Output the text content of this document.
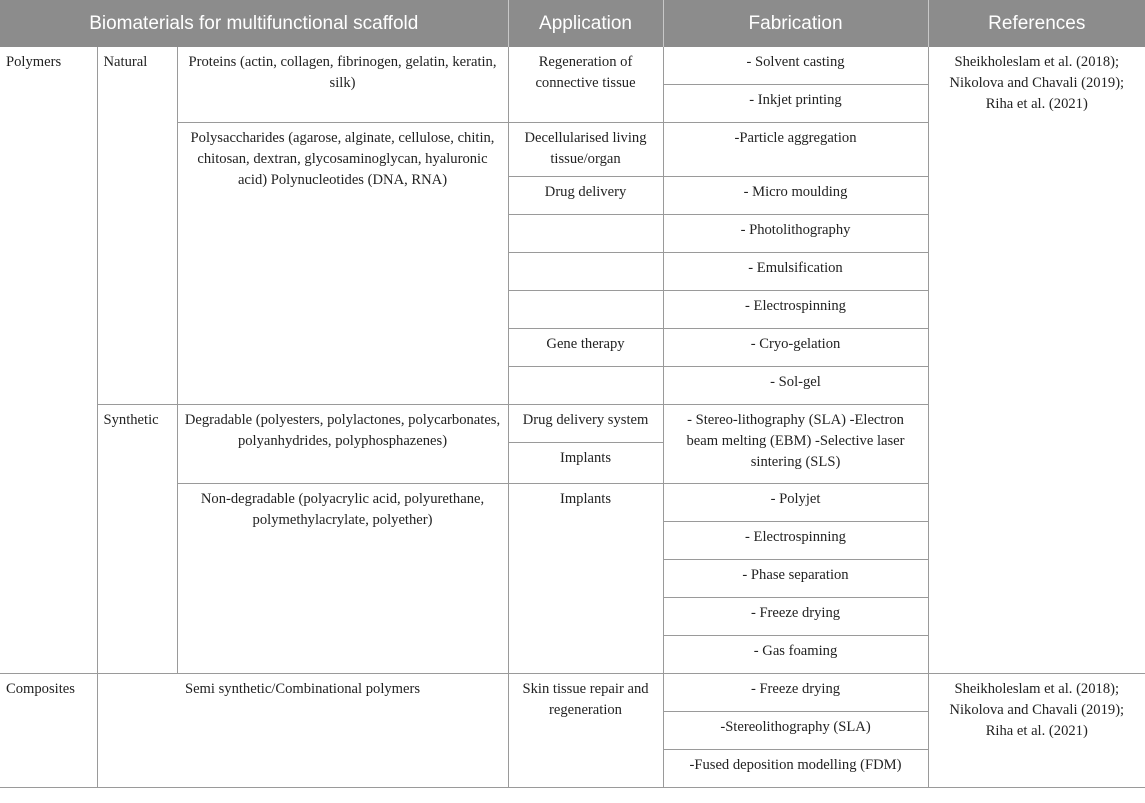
Biomaterials for multifunctional scaffold			Application	Fabrication	References
Polymers	Natural	Proteins (actin, collagen, fibrinogen, gelatin, keratin, silk)	Regeneration of connective tissue	- Solvent casting	Sheikholeslam et al. (2018); Nikolova and Chavali (2019); Riha et al. (2021)
				- Inkjet printing	
		Polysaccharides (agarose, alginate, cellulose, chitin, chitosan, dextran, glycosaminoglycan, hyaluronic acid) Polynucleotides (DNA, RNA)	Decellularised living tissue/organ	-Particle aggregation	
			Drug delivery	- Micro moulding	
				- Photolithography	
				- Emulsification	
				- Electrospinning	
			Gene therapy	- Cryo-gelation	
				- Sol-gel	
	Synthetic	Degradable (polyesters, polylactones, polycarbonates, polyanhydrides, polyphosphazenes)	Drug delivery system	- Stereo-lithography (SLA) -Electron beam melting (EBM) -Selective laser sintering (SLS)	
			Implants		
		Non-degradable (polyacrylic acid, polyurethane, polymethylacrylate, polyether)	Implants	- Polyjet	
				- Electrospinning	
				- Phase separation	
				- Freeze drying	
				- Gas foaming	
Composites	Semi synthetic/Combinational polymers		Skin tissue repair and regeneration	- Freeze drying	Sheikholeslam et al. (2018); Nikolova and Chavali (2019); Riha et al. (2021)
				-Stereolithography (SLA)	
				-Fused deposition modelling (FDM)	
